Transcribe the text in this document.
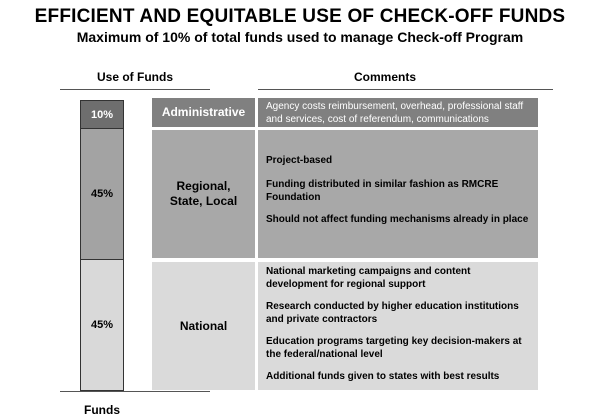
EFFICIENT AND EQUITABLE USE OF CHECK-OFF FUNDS
Maximum of 10% of total funds used to manage Check-off Program
Use of Funds	Comments
10%
45%
45%
Funds
Administrative Agency costs reimbursement, overhead, professional staff and services, cost of referendum, communications

Regional, State, Local

Project-based

Funding distributed in similar fashion as RMCRE Foundation

Should not affect funding mechanisms already in place

National

National marketing campaigns and content development for regional support

Research conducted by higher education institutions and private contractors

Education programs targeting key decision-makers at the federal/national level

Additional funds given to states with best results
